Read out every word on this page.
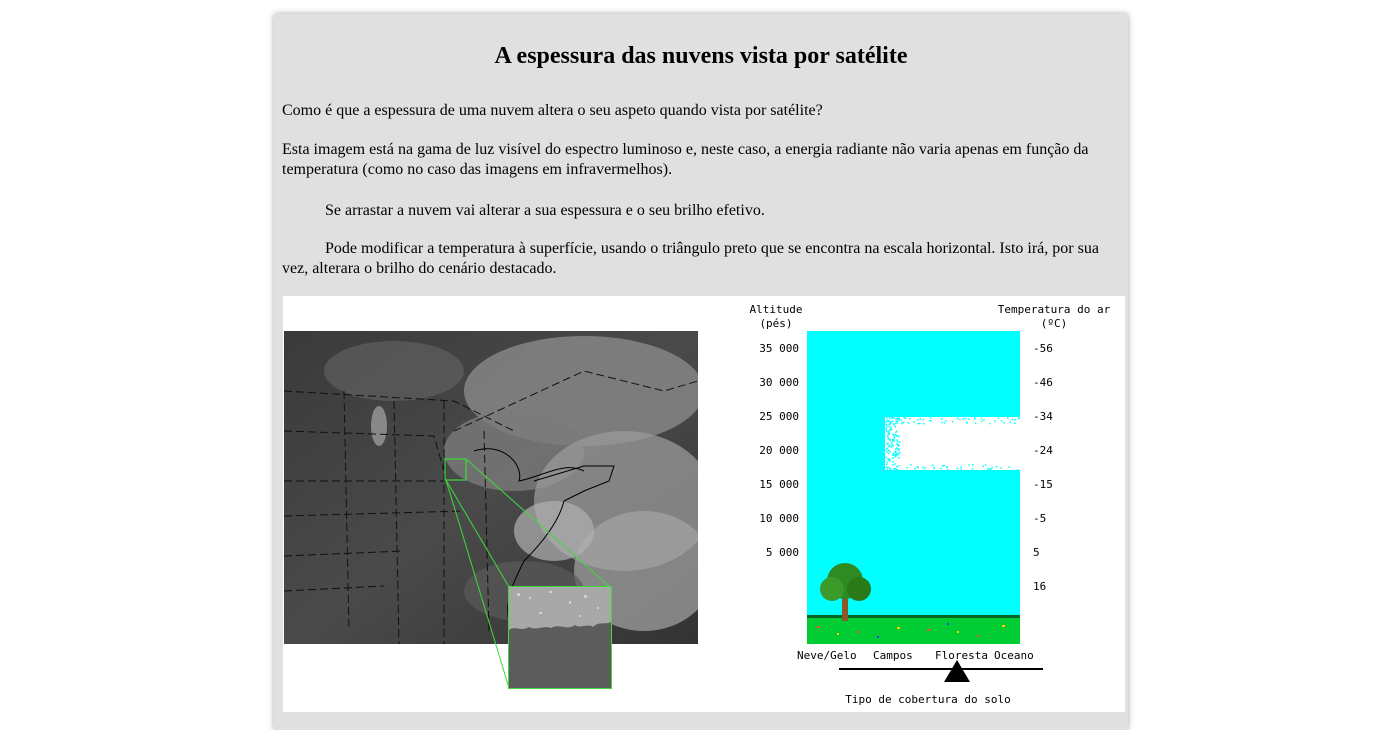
A espessura das nuvens vista por satélite

Como é que a espessura de uma nuvem altera o seu aspeto quando vista por satélite?

Esta imagem está na gama de luz visível do espectro luminoso e, neste caso, a energia radiante não varia apenas em função da temperatura (como no caso das imagens em infravermelhos).

Se arrastar a nuvem vai alterar a sua espessura e o seu brilho efetivo.

Pode modificar a temperatura à superfície, usando o triângulo preto que se encontra na escala horizontal. Isto irá, por sua vez, alterara o brilho do cenário destacado.

Altitude
(pés)
Temperatura do ar
(ºC)
35 000
30 000
25 000
20 000
15 000
10 000
5 000
-56
-46
-34
-24
-15
-5
5
16
Neve/Gelo Campos Floresta Oceano
Tipo de cobertura do solo
